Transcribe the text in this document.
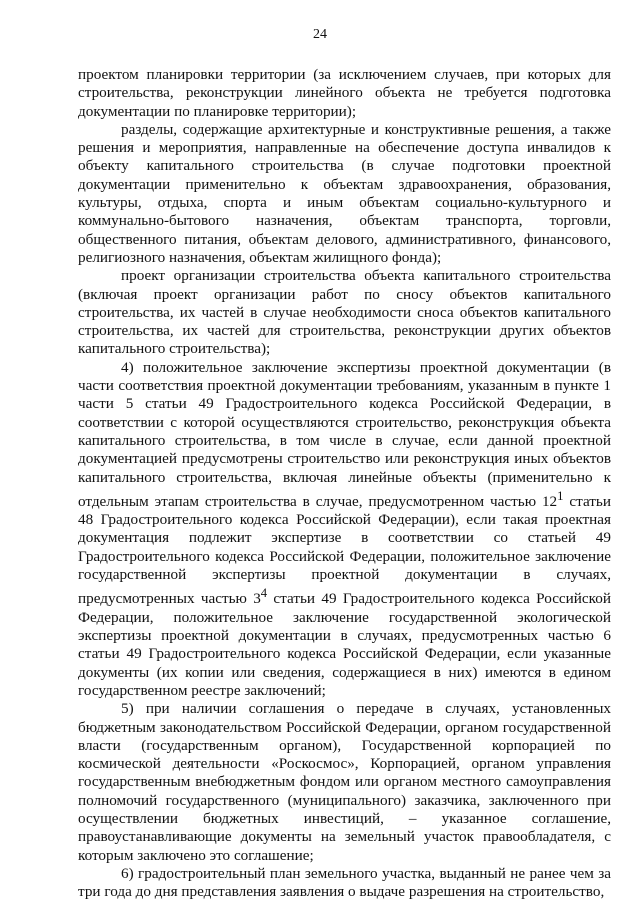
24

проектом планировки территории (за исключением случаев, при которых для строительства, реконструкции линейного объекта не требуется подготовка документации по планировке территории);

разделы, содержащие архитектурные и конструктивные решения, а также решения и мероприятия, направленные на обеспечение доступа инвалидов к объекту капитального строительства (в случае подготовки проектной документации применительно к объектам здравоохранения, образования, культуры, отдыха, спорта и иным объектам социально-культурного и коммунально-бытового назначения, объектам транспорта, торговли, общественного питания, объектам делового, административного, финансового, религиозного назначения, объектам жилищного фонда);

проект организации строительства объекта капитального строительства (включая проект организации работ по сносу объектов капитального строительства, их частей в случае необходимости сноса объектов капитального строительства, их частей для строительства, реконструкции других объектов капитального строительства);

4) положительное заключение экспертизы проектной документации (в части соответствия проектной документации требованиям, указанным в пункте 1 части 5 статьи 49 Градостроительного кодекса Российской Федерации, в соответствии с которой осуществляются строительство, реконструкция объекта капитального строительства, в том числе в случае, если данной проектной документацией предусмотрены строительство или реконструкция иных объектов капитального строительства, включая линейные объекты (применительно к отдельным этапам строительства в случае, предусмотренном частью $12^1$ статьи 48 Градостроительного кодекса Российской Федерации), если такая проектная документация подлежит экспертизе в соответствии со статьей 49 Градостроительного кодекса Российской Федерации, положительное заключение государственной экспертизы проектной документации в случаях, предусмотренных частью $3^4$ статьи 49 Градостроительного кодекса Российской Федерации, положительное заключение государственной экологической экспертизы проектной документации в случаях, предусмотренных частью 6 статьи 49 Градостроительного кодекса Российской Федерации, если указанные документы (их копии или сведения, содержащиеся в них) имеются в едином государственном реестре заключений;

5) при наличии соглашения о передаче в случаях, установленных бюджетным законодательством Российской Федерации, органом государственной власти (государственным органом), Государственной корпорацией по космической деятельности «Роскосмос», Корпорацией, органом управления государственным внебюджетным фондом или органом местного самоуправления полномочий государственного (муниципального) заказчика, заключенного при осуществлении бюджетных инвестиций, – указанное соглашение, правоустанавливающие документы на земельный участок правообладателя, с которым заключено это соглашение;

6) градостроительный план земельного участка, выданный не ранее чем за три года до дня представления заявления о выдаче разрешения на строительство,
